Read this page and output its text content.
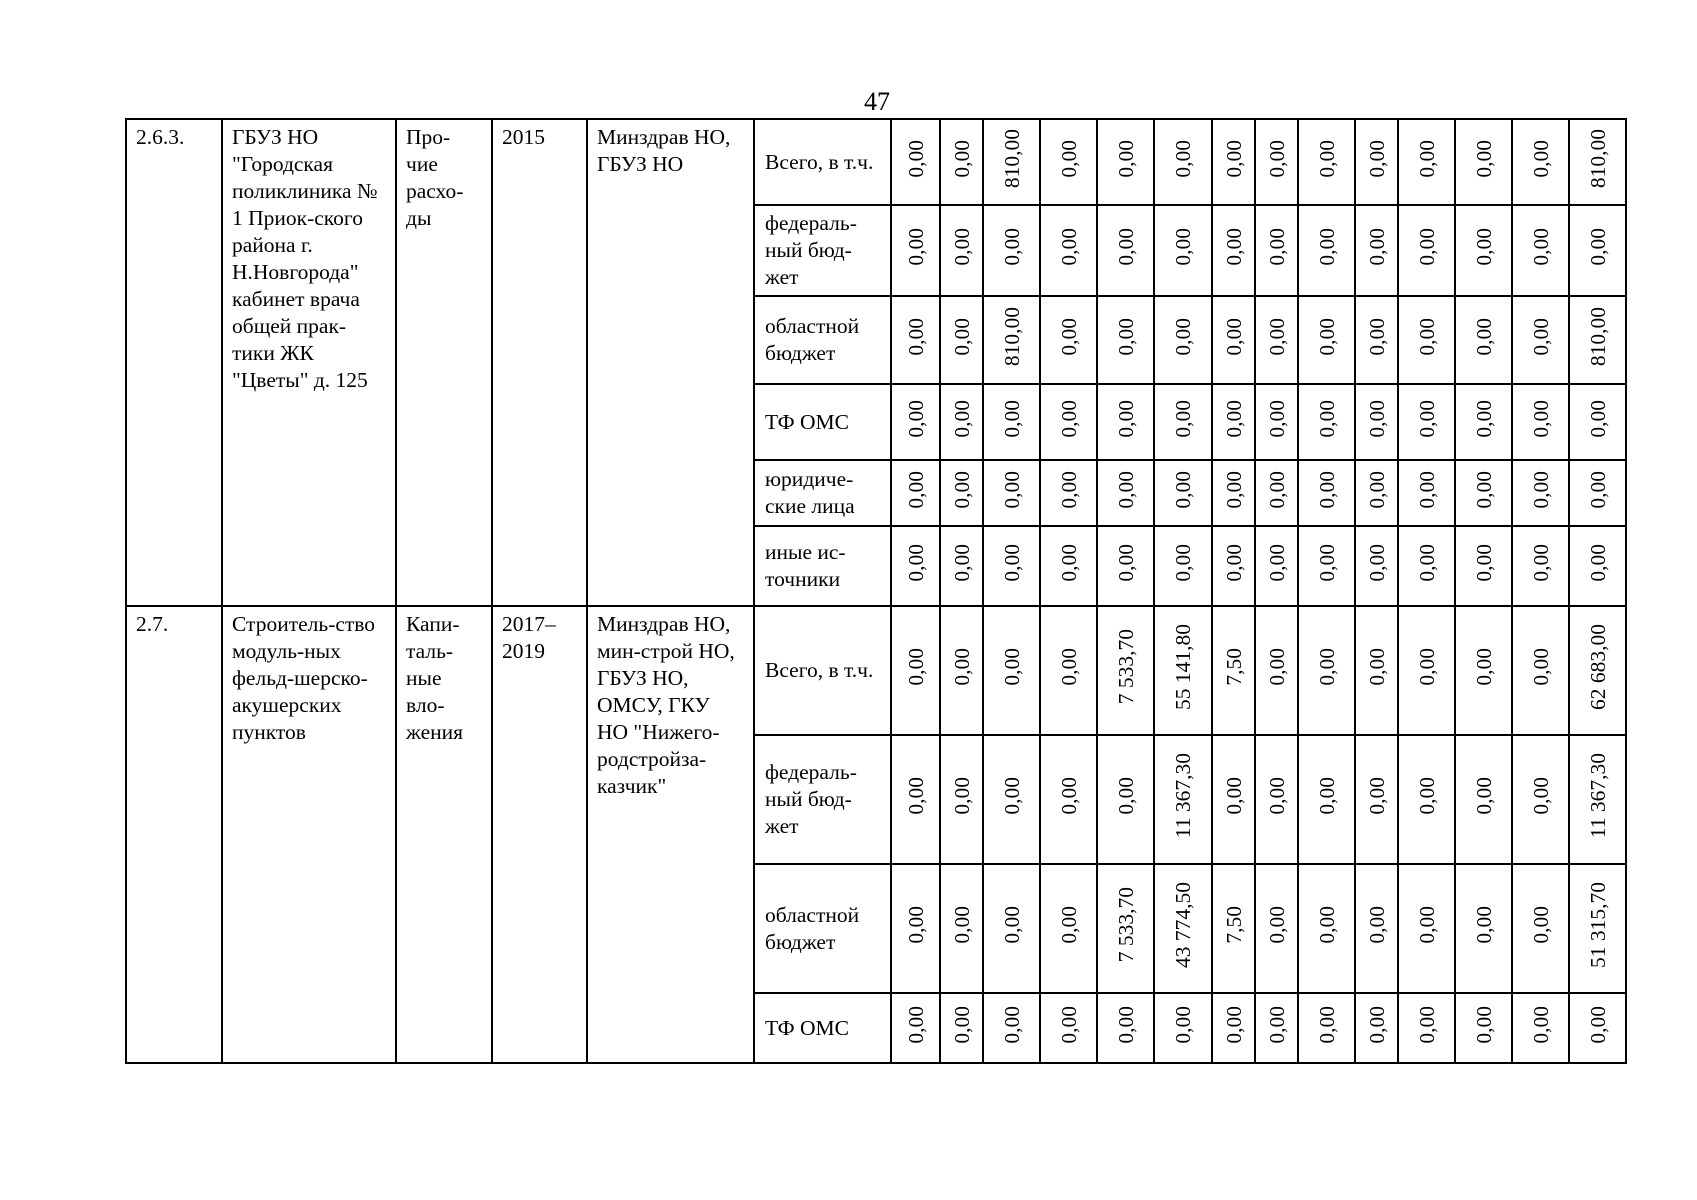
47
2.6.3.	ГБУЗ НО "Городская поликлиника № 1 Приок-ского района г. Н.Новгорода" кабинет врача общей прак-тики ЖК "Цветы" д. 125	Про-чие расхо-ды	2015	Минздрав НО, ГБУЗ НО	Всего, в т.ч.	0,00	0,00	810,00	0,00	0,00	0,00	0,00	0,00	0,00	0,00	0,00	0,00	0,00	810,00
					федераль-ный бюд-жет	0,00	0,00	0,00	0,00	0,00	0,00	0,00	0,00	0,00	0,00	0,00	0,00	0,00	0,00
					областной бюджет	0,00	0,00	810,00	0,00	0,00	0,00	0,00	0,00	0,00	0,00	0,00	0,00	0,00	810,00
					ТФ ОМС	0,00	0,00	0,00	0,00	0,00	0,00	0,00	0,00	0,00	0,00	0,00	0,00	0,00	0,00
					юридиче-ские лица	0,00	0,00	0,00	0,00	0,00	0,00	0,00	0,00	0,00	0,00	0,00	0,00	0,00	0,00
					иные ис-точники	0,00	0,00	0,00	0,00	0,00	0,00	0,00	0,00	0,00	0,00	0,00	0,00	0,00	0,00
2.7.	Строитель-ство модуль-ных фельд-шерско-акушерских пунктов	Капи-таль-ные вло-жения	2017–2019	Минздрав НО, мин-строй НО, ГБУЗ НО, ОМСУ, ГКУ НО "Нижего-родстройза-казчик"	Всего, в т.ч.	0,00	0,00	0,00	0,00	7 533,70	55 141,80	7,50	0,00	0,00	0,00	0,00	0,00	0,00	62 683,00
					федераль-ный бюд-жет	0,00	0,00	0,00	0,00	0,00	11 367,30	0,00	0,00	0,00	0,00	0,00	0,00	0,00	11 367,30
					областной бюджет	0,00	0,00	0,00	0,00	7 533,70	43 774,50	7,50	0,00	0,00	0,00	0,00	0,00	0,00	51 315,70
					ТФ ОМС	0,00	0,00	0,00	0,00	0,00	0,00	0,00	0,00	0,00	0,00	0,00	0,00	0,00	0,00
